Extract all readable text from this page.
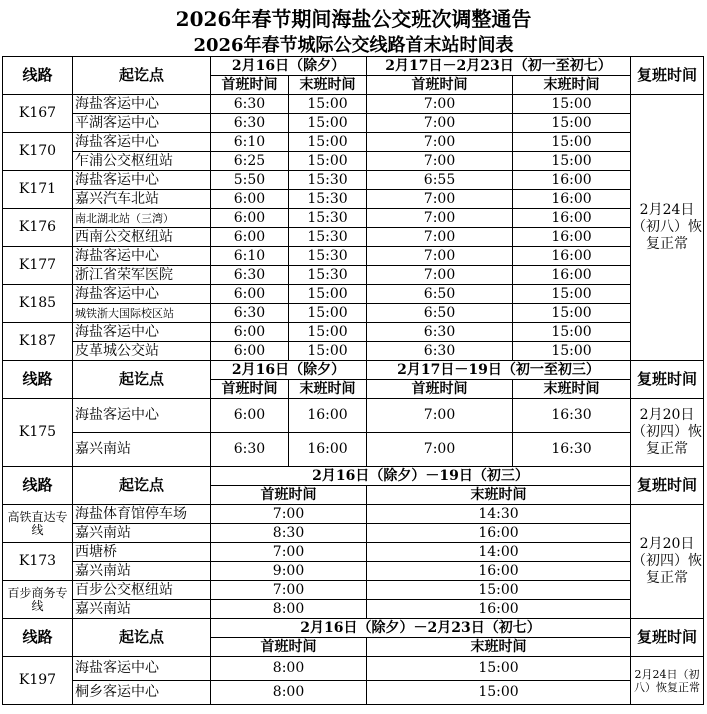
2026年春节期间海盐公交班次调整通告
2026年春节城际公交线路首末站时间表
线路	起讫点	2月16日（除夕）		2月17日－2月23日（初一至初七）		复班时间
		首班时间	末班时间	首班时间	末班时间	
K167	海盐客运中心	6:30	15:00	7:00	15:00	2月24日（初八）恢复正常
	平湖客运中心	6:30	15:00	7:00	15:00	
K170	海盐客运中心	6:10	15:00	7:00	15:00	
	乍浦公交枢纽站	6:25	15:00	7:00	15:00	
K171	海盐客运中心	5:50	15:30	6:55	16:00	
	嘉兴汽车北站	6:00	15:30	7:00	16:00	
K176	南北湖北站（三湾）	6:00	15:30	7:00	16:00	
	西南公交枢纽站	6:00	15:30	7:00	16:00	
K177	海盐客运中心	6:10	15:30	7:00	16:00	
	浙江省荣军医院	6:30	15:30	7:00	16:00	
K185	海盐客运中心	6:00	15:00	6:50	15:00	
	城铁浙大国际校区站	6:30	15:00	6:50	15:00	
K187	海盐客运中心	6:00	15:00	6:30	15:00	
	皮革城公交站	6:00	15:00	6:30	15:00	
线路	起讫点	2月16日（除夕）		2月17日－19日（初一至初三）		复班时间
		首班时间	末班时间	首班时间	末班时间	
K175	海盐客运中心	6:00	16:00	7:00	16:30	2月20日（初四）恢复正常
	嘉兴南站	6:30	16:00	7:00	16:30	
线路	起讫点	2月16日（除夕）－19日（初三）				复班时间
		首班时间		末班时间		
高铁直达专线	海盐体育馆停车场	7:00		14:30		2月20日（初四）恢复正常
	嘉兴南站	8:30		16:00		
K173	西塘桥	7:00		14:00		
	嘉兴南站	9:00		16:00		
百步商务专线	百步公交枢纽站	7:00		15:00		
	嘉兴南站	8:00		16:00		
线路	起讫点	2月16日（除夕）－2月23日（初七）				复班时间
		首班时间		末班时间		
K197	海盐客运中心	8:00		15:00		2月24日（初八）恢复正常
	桐乡客运中心	8:00		15:00		
